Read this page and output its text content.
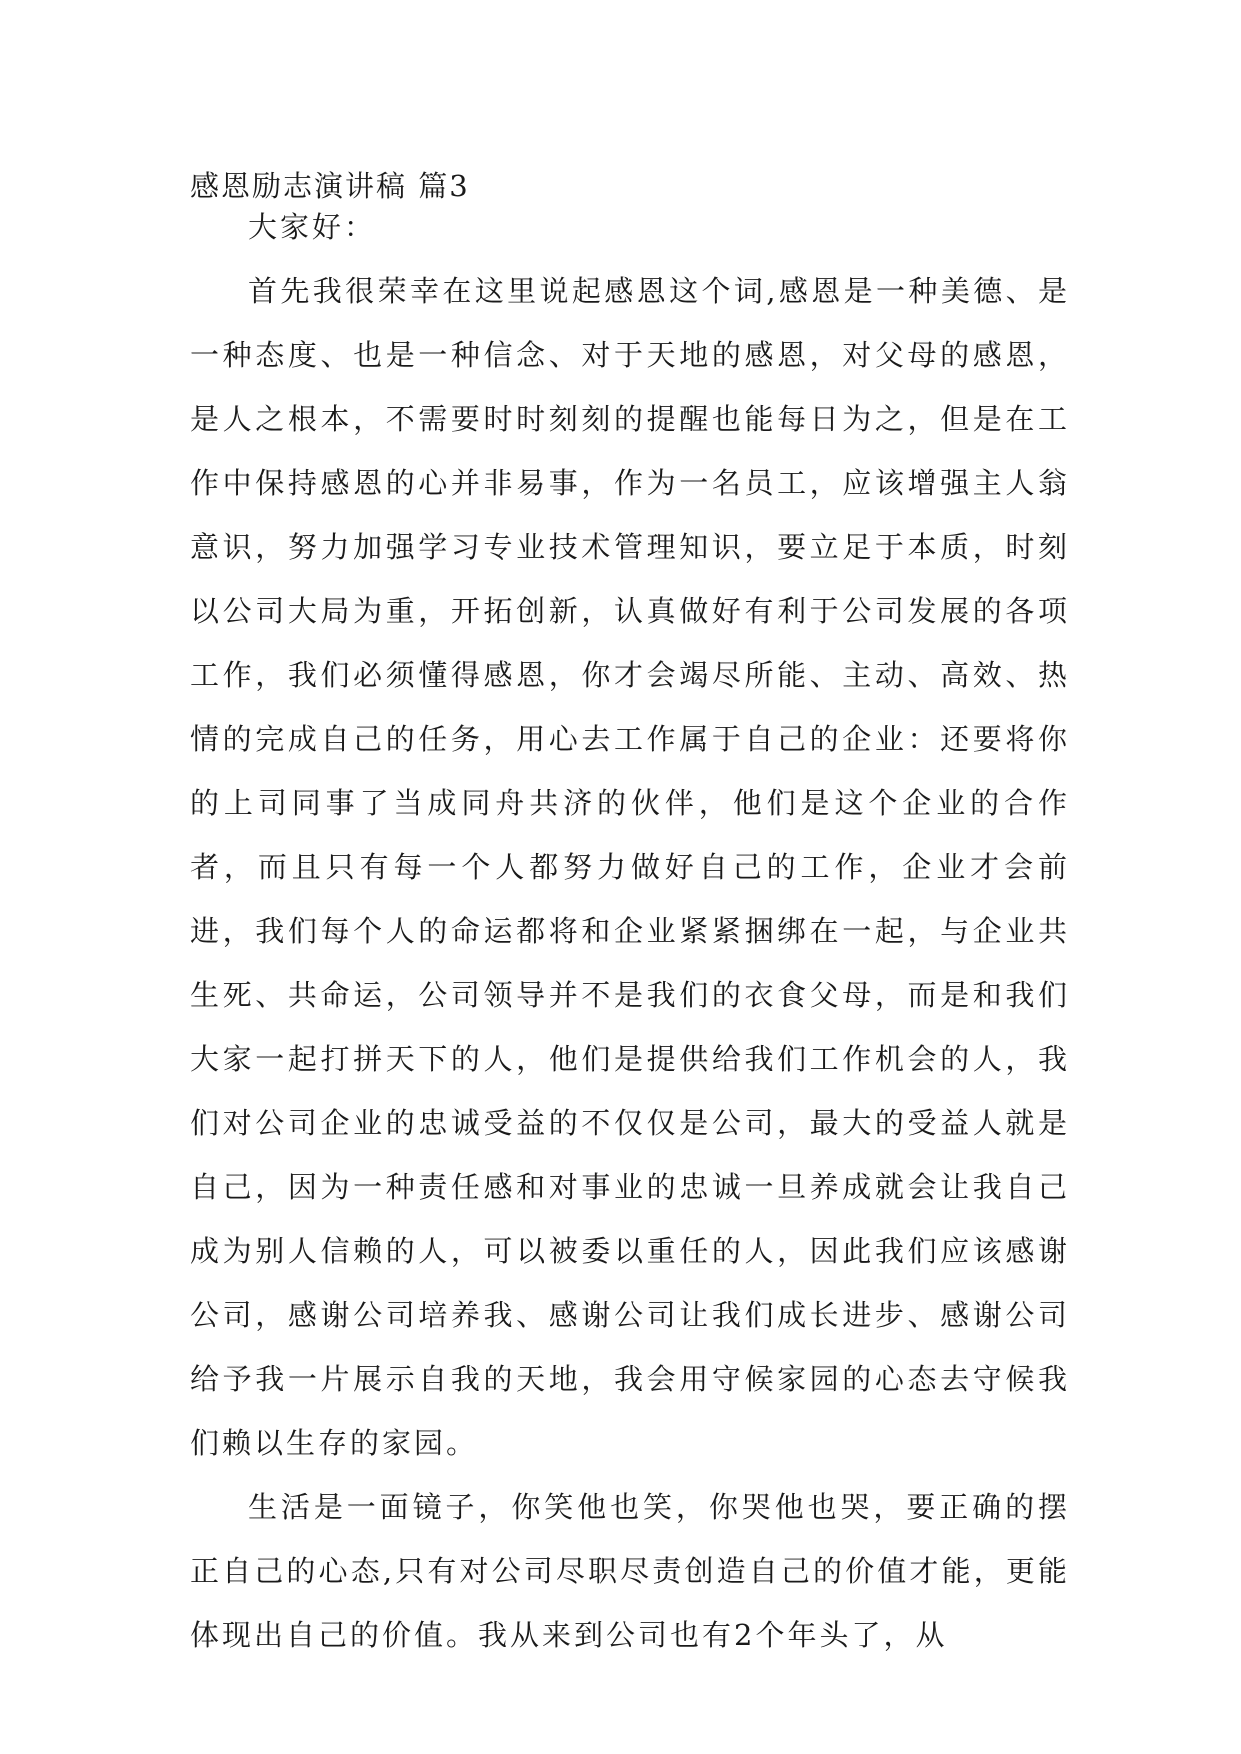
感恩励志演讲稿 篇3

大家好：

首先我很荣幸在这里说起感恩这个词,感恩是一种美德、是一种态度、也是一种信念、对于天地的感恩，对父母的感恩，是人之根本，不需要时时刻刻的提醒也能每日为之，但是在工作中保持感恩的心并非易事，作为一名员工，应该增强主人翁意识，努力加强学习专业技术管理知识，要立足于本质，时刻以公司大局为重，开拓创新，认真做好有利于公司发展的各项工作，我们必须懂得感恩，你才会竭尽所能、主动、高效、热情的完成自己的任务，用心去工作属于自己的企业：还要将你的上司同事了当成同舟共济的伙伴，他们是这个企业的合作者，而且只有每一个人都努力做好自己的工作，企业才会前进，我们每个人的命运都将和企业紧紧捆绑在一起，与企业共生死、共命运，公司领导并不是我们的衣食父母，而是和我们大家一起打拼天下的人，他们是提供给我们工作机会的人，我们对公司企业的忠诚受益的不仅仅是公司，最大的受益人就是自己，因为一种责任感和对事业的忠诚一旦养成就会让我自己成为别人信赖的人，可以被委以重任的人，因此我们应该感谢公司，感谢公司培养我、感谢公司让我们成长进步、感谢公司给予我一片展示自我的天地，我会用守候家园的心态去守候我们赖以生存的家园。

生活是一面镜子，你笑他也笑，你哭他也哭，要正确的摆正自己的心态,只有对公司尽职尽责创造自己的价值才能，更能体现出自己的价值。我从来到公司也有2个年头了，从
